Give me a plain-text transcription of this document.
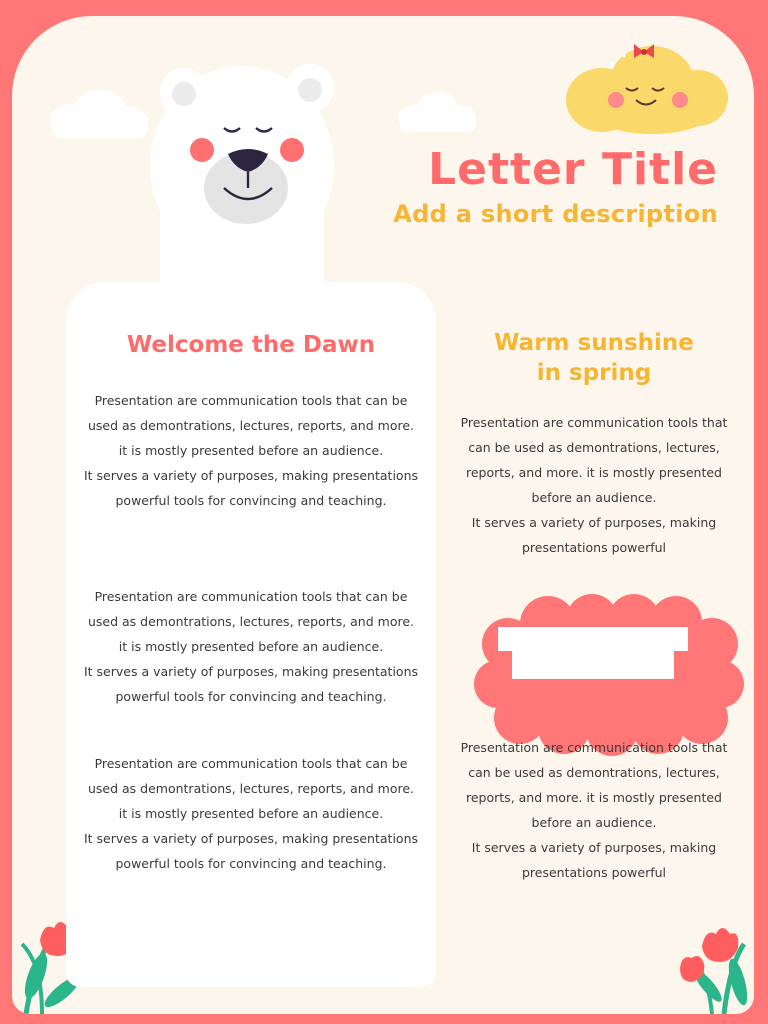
Letter Title
Add a short description
Welcome the Dawn	Warm sunshine
in spring

Presentation are communication tools that can be

used as demontrations, lectures, reports, and more.

it is mostly presented before an audience.

It serves a variety of purposes, making presentations

powerful tools for convincing and teaching.

Presentation are communication tools that can be

used as demontrations, lectures, reports, and more.

it is mostly presented before an audience.

It serves a variety of purposes, making presentations

powerful tools for convincing and teaching.

Presentation are communication tools that can be

used as demontrations, lectures, reports, and more.

it is mostly presented before an audience.

It serves a variety of purposes, making presentations

powerful tools for convincing and teaching.

Presentation are communication tools that

can be used as demontrations, lectures,

reports, and more. it is mostly presented

before an audience.

It serves a variety of purposes, making

presentations powerful

Presentation are communication tools that

can be used as demontrations, lectures,

reports, and more. it is mostly presented

before an audience.

It serves a variety of purposes, making

presentations powerful
